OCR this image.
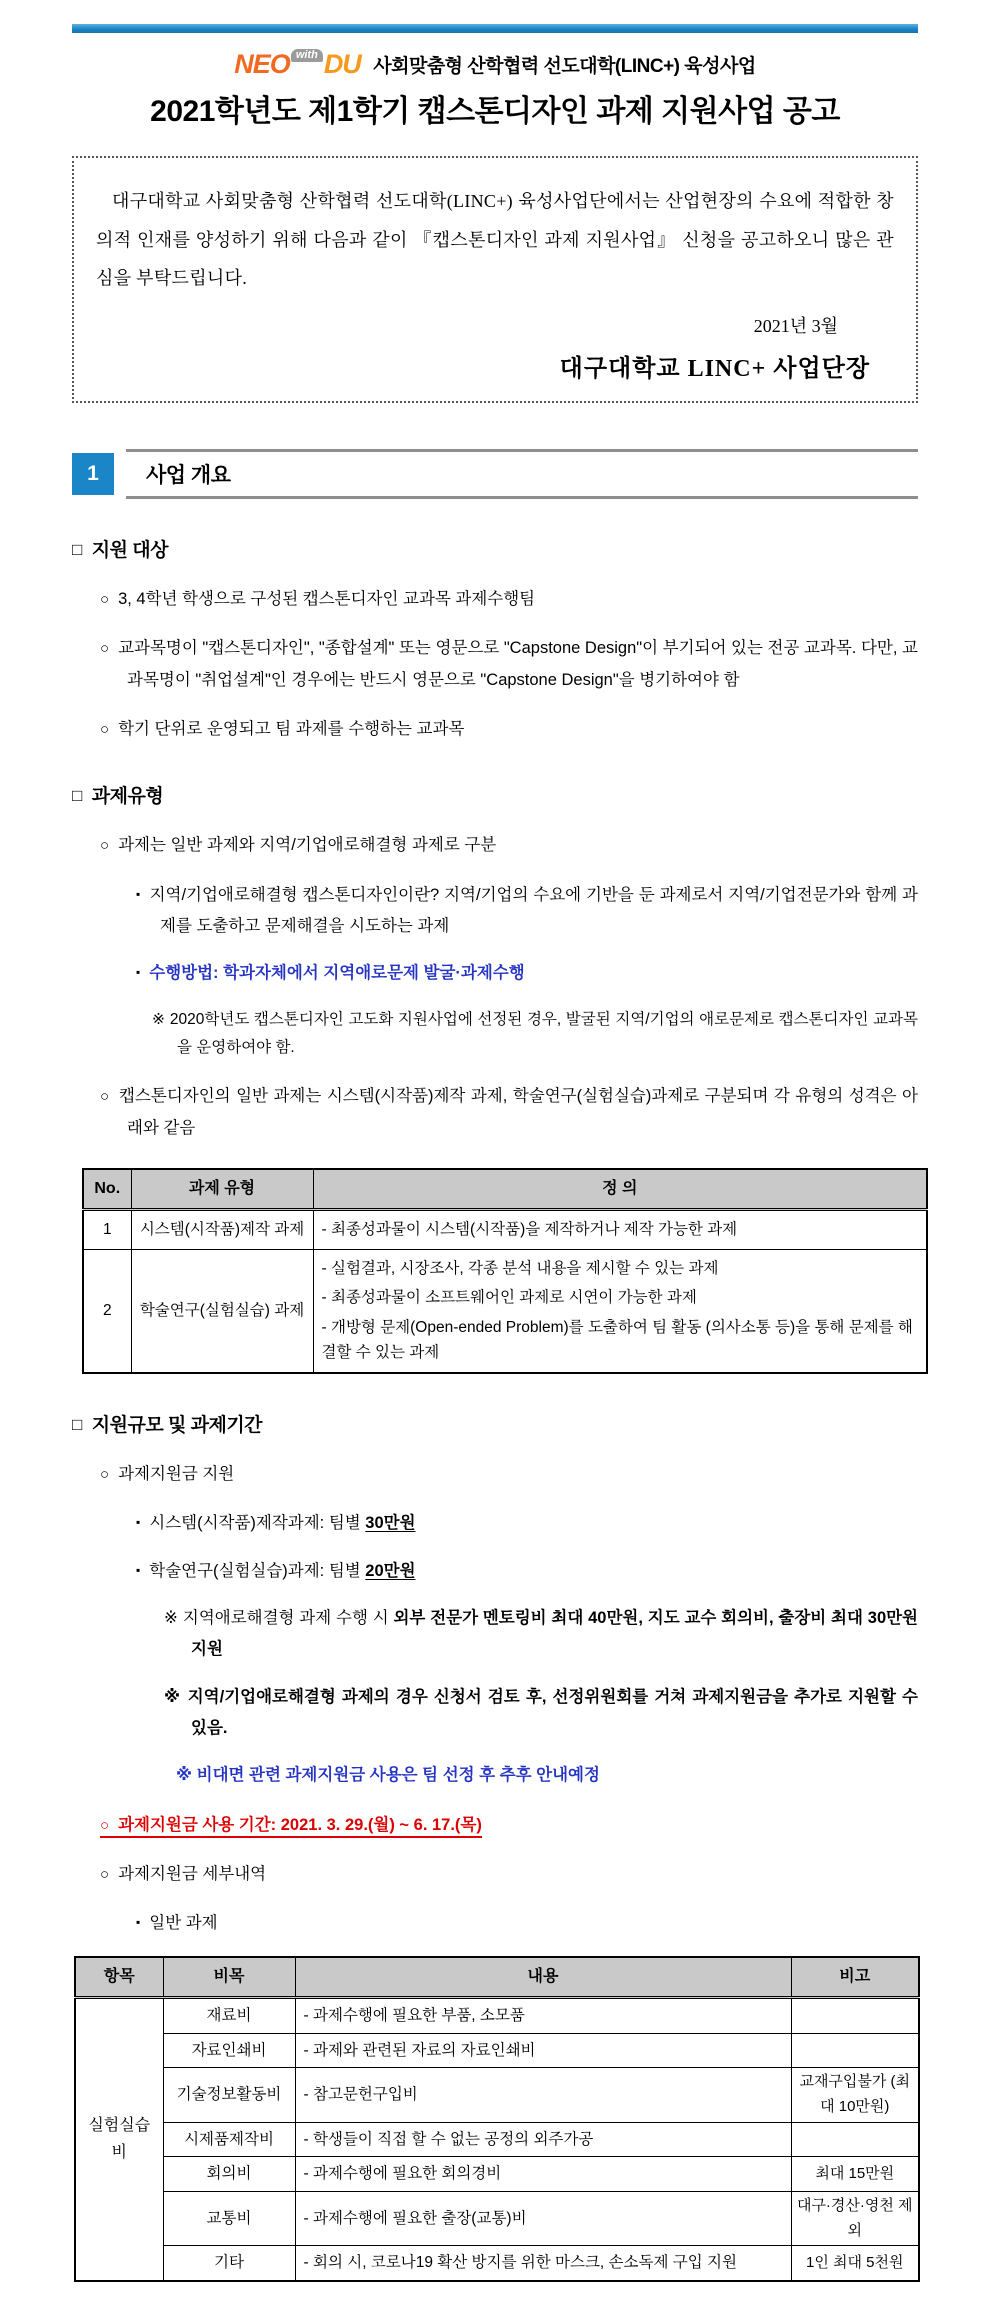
NEO with DU 사회맞춤형 산학협력 선도대학(LINC+) 육성사업
2021학년도 제1학기 캡스톤디자인 과제 지원사업 공고
대구대학교 사회맞춤형 산학협력 선도대학(LINC+) 육성사업단에서는 산업현장의 수요에 적합한 창의적 인재를 양성하기 위해 다음과 같이 『캡스톤디자인 과제 지원사업』 신청을 공고하오니 많은 관심을 부탁드립니다.
2021년 3월
대구대학교 LINC+ 사업단장
1	사업 개요
□ 지원 대상

○ 3, 4학년 학생으로 구성된 캡스톤디자인 교과목 과제수행팀

○ 교과목명이 "캡스톤디자인", "종합설계" 또는 영문으로 "Capstone Design"이 부기되어 있는 전공 교과목. 다만, 교과목명이 "취업설계"인 경우에는 반드시 영문으로 "Capstone Design"을 병기하여야 함

○ 학기 단위로 운영되고 팀 과제를 수행하는 교과목

□ 과제유형

○ 과제는 일반 과제와 지역/기업애로해결형 과제로 구분

▪ 지역/기업애로해결형 캡스톤디자인이란? 지역/기업의 수요에 기반을 둔 과제로서 지역/기업전문가와 함께 과제를 도출하고 문제해결을 시도하는 과제

▪ 수행방법: 학과자체에서 지역애로문제 발굴·과제수행

※ 2020학년도 캡스톤디자인 고도화 지원사업에 선정된 경우, 발굴된 지역/기업의 애로문제로 캡스톤디자인 교과목을 운영하여야 함.

○ 캡스톤디자인의 일반 과제는 시스템(시작품)제작 과제, 학술연구(실험실습)과제로 구분되며 각 유형의 성격은 아래와 같음

No.	과제 유형	정 의
1	시스템(시작품)제작 과제	- 최종성과물이 시스템(시작품)을 제작하거나 제작 가능한 과제

2	학술연구(실험실습) 과제	- 실험결과, 시장조사, 각종 분석 내용을 제시할 수 있는 과제
- 최종성과물이 소프트웨어인 과제로 시연이 가능한 과제
- 개방형 문제(Open-ended Problem)를 도출하여 팀 활동 (의사소통 등)을 통해 문제를 해결할 수 있는 과제
□ 지원규모 및 과제기간

○ 과제지원금 지원

▪ 시스템(시작품)제작과제: 팀별 30만원

▪ 학술연구(실험실습)과제: 팀별 20만원

※ 지역애로해결형 과제 수행 시 외부 전문가 멘토링비 최대 40만원, 지도 교수 회의비, 출장비 최대 30만원 지원

※ 지역/기업애로해결형 과제의 경우 신청서 검토 후, 선정위원회를 거쳐 과제지원금을 추가로 지원할 수 있음.

※ 비대면 관련 과제지원금 사용은 팀 선정 후 추후 안내예정

○ 과제지원금 사용 기간: 2021. 3. 29.(월) ~ 6. 17.(목)

○ 과제지원금 세부내역

▪ 일반 과제

항목	비목	내용	비고
실험실습비	재료비	- 과제수행에 필요한 부품, 소모품	
	자료인쇄비	- 과제와 관련된 자료의 자료인쇄비	
	기술정보활동비	- 참고문헌구입비	교재구입불가 (최대 10만원)
	시제품제작비	- 학생들이 직접 할 수 없는 공정의 외주가공	
	회의비	- 과제수행에 필요한 회의경비	최대 15만원
	교통비	- 과제수행에 필요한 출장(교통)비	대구·경산·영천 제외
	기타	- 회의 시, 코로나19 확산 방지를 위한 마스크, 손소독제 구입 지원	1인 최대 5천원
